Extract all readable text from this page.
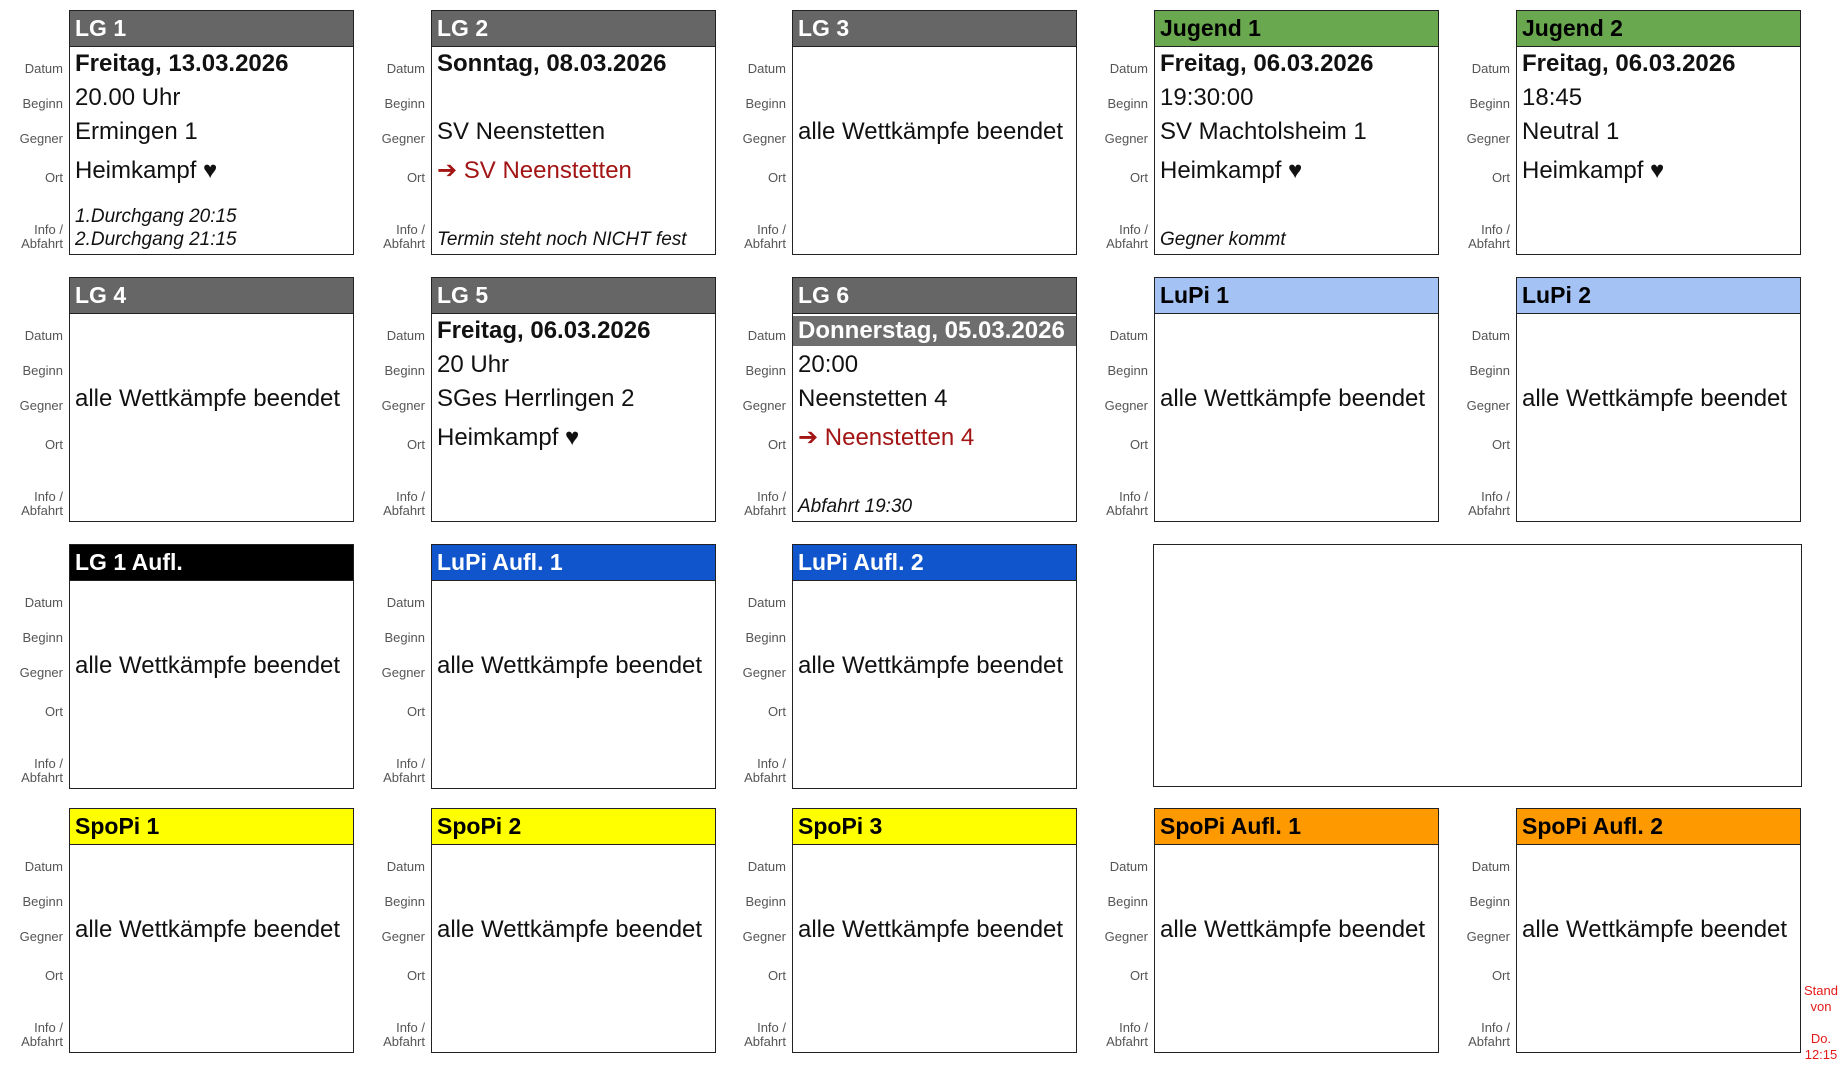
Datum
Beginn
Gegner
Ort
Info /
Abfahrt
LG 1
Freitag, 13.03.2026
20.00 Uhr
Ermingen 1
Heimkampf ♥
1.Durchgang 20:15
2.Durchgang 21:15
Datum
Beginn
Gegner
Ort
Info /
Abfahrt
LG 2
Sonntag, 08.03.2026
SV Neenstetten
➔ SV Neenstetten
Termin steht noch NICHT fest
Datum
Beginn
Gegner
Ort
Info /
Abfahrt
LG 3
alle Wettkämpfe beendet
Datum
Beginn
Gegner
Ort
Info /
Abfahrt
Jugend 1
Freitag, 06.03.2026
19:30:00
SV Machtolsheim 1
Heimkampf ♥
Gegner kommt
Datum
Beginn
Gegner
Ort
Info /
Abfahrt
Jugend 2
Freitag, 06.03.2026
18:45
Neutral 1
Heimkampf ♥
Datum
Beginn
Gegner
Ort
Info /
Abfahrt
LG 4
alle Wettkämpfe beendet
Datum
Beginn
Gegner
Ort
Info /
Abfahrt
LG 5
Freitag, 06.03.2026
20 Uhr
SGes Herrlingen 2
Heimkampf ♥
Datum
Beginn
Gegner
Ort
Info /
Abfahrt
LG 6
Donnerstag, 05.03.2026
20:00
Neenstetten 4
➔ Neenstetten 4
Abfahrt 19:30
Datum
Beginn
Gegner
Ort
Info /
Abfahrt
LuPi 1
alle Wettkämpfe beendet
Datum
Beginn
Gegner
Ort
Info /
Abfahrt
LuPi 2
alle Wettkämpfe beendet
Datum
Beginn
Gegner
Ort
Info /
Abfahrt
LG 1 Aufl.
alle Wettkämpfe beendet
Datum
Beginn
Gegner
Ort
Info /
Abfahrt
LuPi Aufl. 1
alle Wettkämpfe beendet
Datum
Beginn
Gegner
Ort
Info /
Abfahrt
LuPi Aufl. 2
alle Wettkämpfe beendet
Datum
Beginn
Gegner
Ort
Info /
Abfahrt
SpoPi 1
alle Wettkämpfe beendet
Datum
Beginn
Gegner
Ort
Info /
Abfahrt
SpoPi 2
alle Wettkämpfe beendet
Datum
Beginn
Gegner
Ort
Info /
Abfahrt
SpoPi 3
alle Wettkämpfe beendet
Datum
Beginn
Gegner
Ort
Info /
Abfahrt
SpoPi Aufl. 1
alle Wettkämpfe beendet
Datum
Beginn
Gegner
Ort
Info /
Abfahrt
SpoPi Aufl. 2
alle Wettkämpfe beendet
Stand
von
Do.
12:15
